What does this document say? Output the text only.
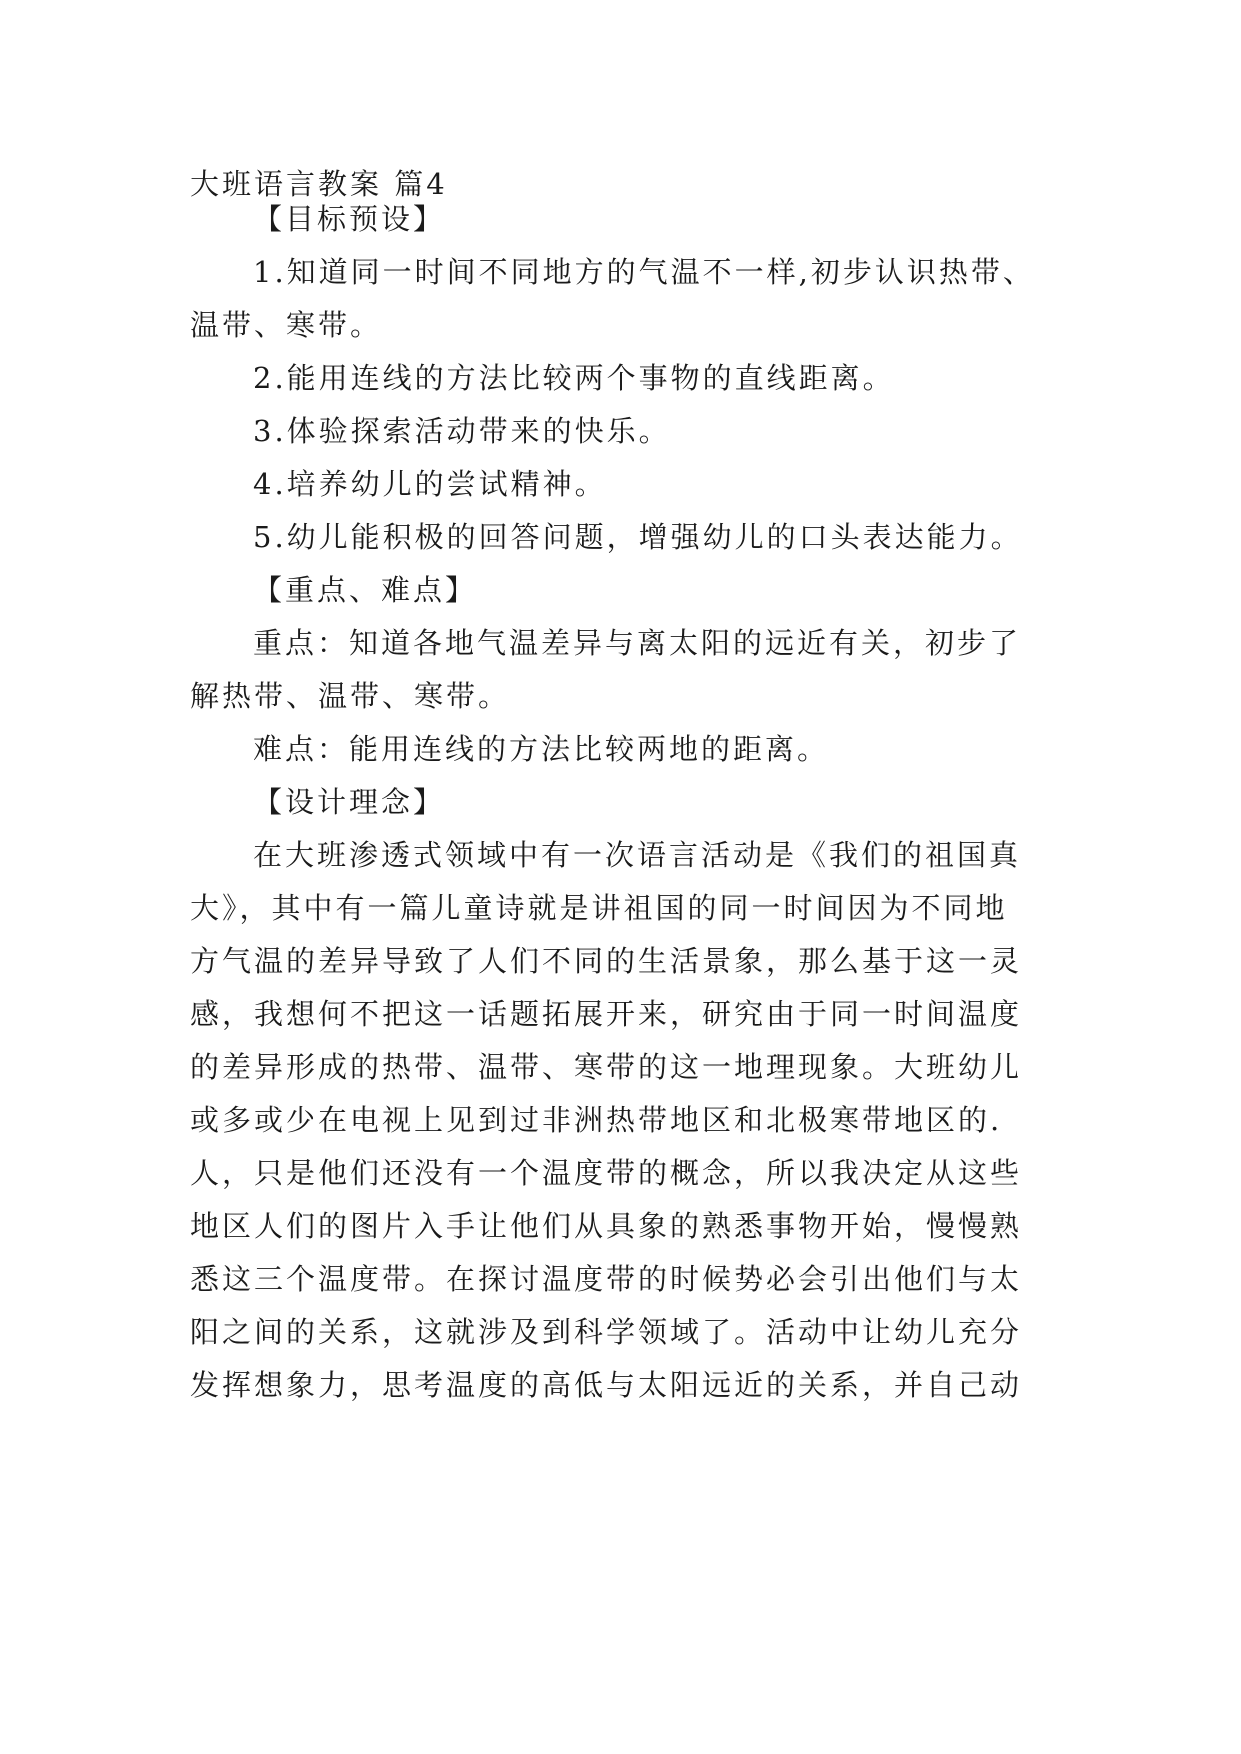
大班语言教案 篇4
【目标预设】
1.知道同一时间不同地方的气温不一样,初步认识热带、
温带、寒带。
2.能用连线的方法比较两个事物的直线距离。
3.体验探索活动带来的快乐。
4.培养幼儿的尝试精神。
5.幼儿能积极的回答问题，增强幼儿的口头表达能力。
【重点、难点】
重点：知道各地气温差异与离太阳的远近有关，初步了
解热带、温带、寒带。
难点：能用连线的方法比较两地的距离。
【设计理念】
在大班渗透式领域中有一次语言活动是《我们的祖国真
大》，其中有一篇儿童诗就是讲祖国的同一时间因为不同地
方气温的差异导致了人们不同的生活景象，那么基于这一灵
感，我想何不把这一话题拓展开来，研究由于同一时间温度
的差异形成的热带、温带、寒带的这一地理现象。大班幼儿
或多或少在电视上见到过非洲热带地区和北极寒带地区的.
人，只是他们还没有一个温度带的概念，所以我决定从这些
地区人们的图片入手让他们从具象的熟悉事物开始，慢慢熟
悉这三个温度带。在探讨温度带的时候势必会引出他们与太
阳之间的关系，这就涉及到科学领域了。活动中让幼儿充分
发挥想象力，思考温度的高低与太阳远近的关系，并自己动
